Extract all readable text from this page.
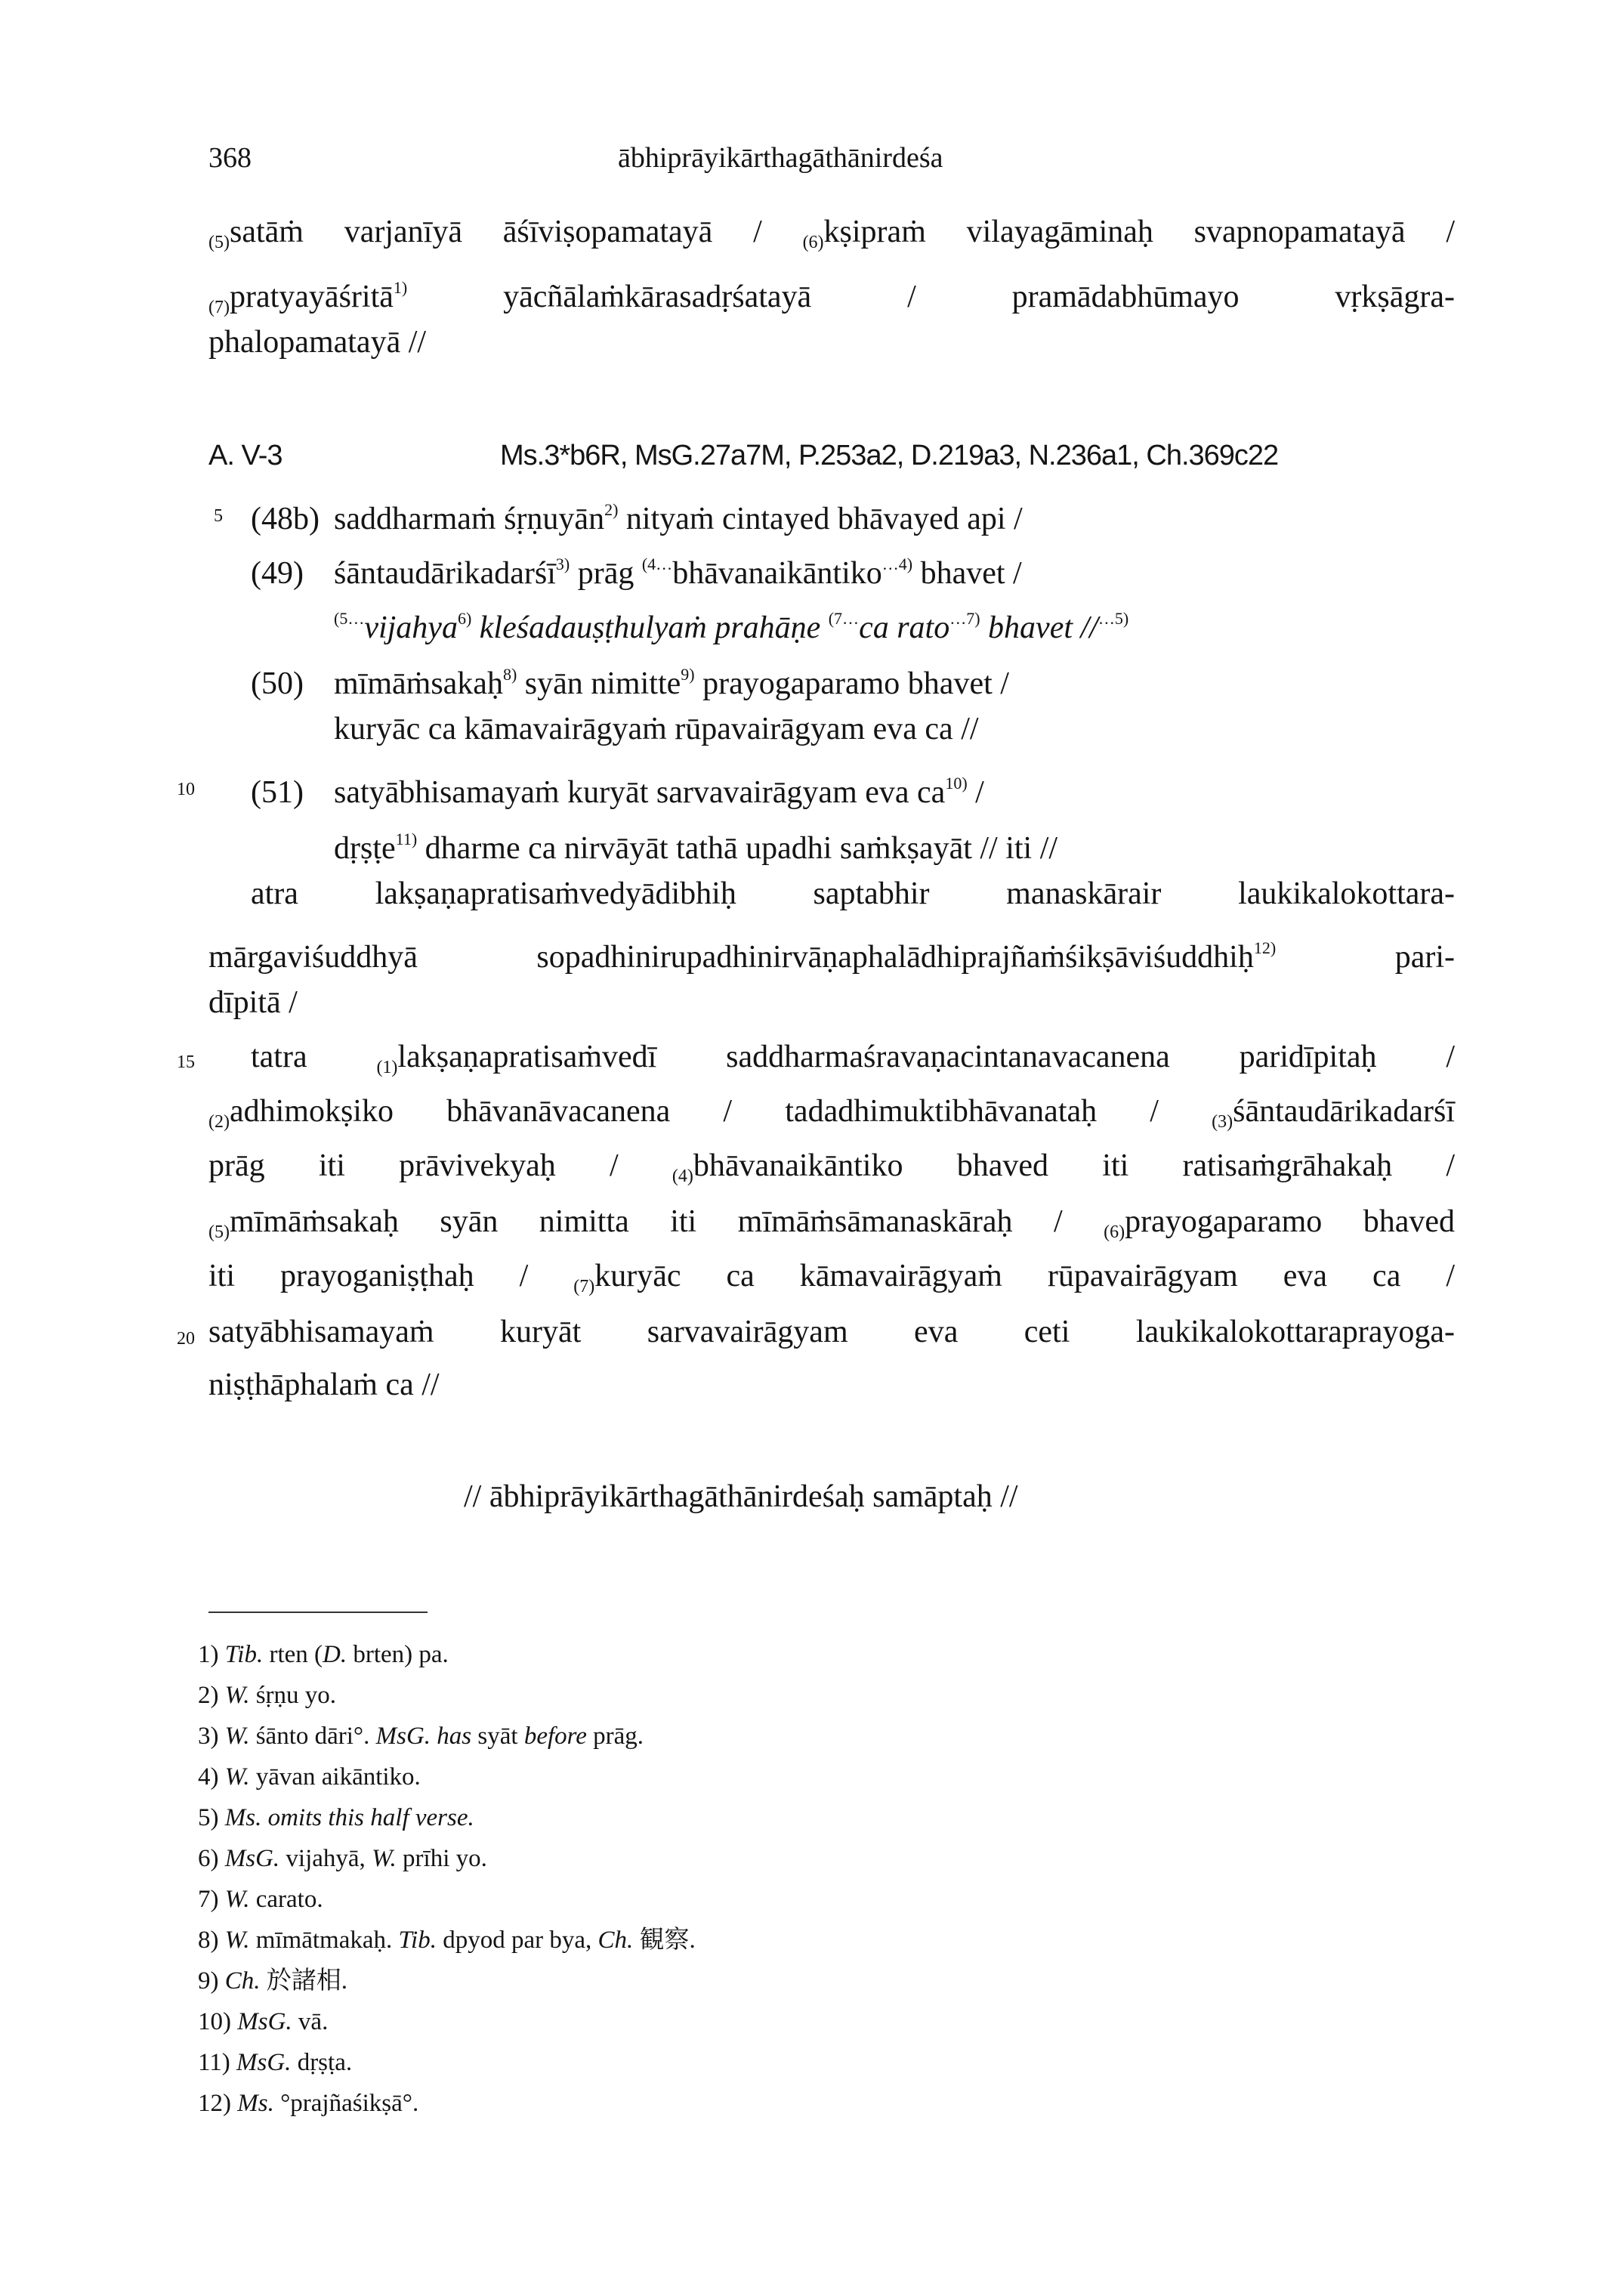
368	ābhiprāyikārthagāthānirdeśa
$_{(5)}$satāṁ varjanīyā āśīviṣopamatayā / $_{(6)}$kṣipraṁ vilayagāminaḥ svapnopamatayā /
$_{(7)}$pratyayāśritā$^{1)}$ yācñālaṁkārasadṛśatayā / pramādabhūmayo vṛkṣāgra-
phalopamatayā //
A. V-3	Ms.3*b6R, MsG.27a7M, P.253a2, D.219a3, N.236a1, Ch.369c22
5
10
15
20
(48b) saddharmaṁ śṛṇuyān$^{2)}$ nityaṁ cintayed bhāvayed api /
(49) śāntaudārikadarśī$^{3)}$ prāg $^{(4\dots}$bhāvanaikāntiko$^{\dots 4)}$ bhavet /
$^{(5\dots}$vijahya$^{6)}$ kleśadauṣṭhulyaṁ prahāṇe $^{(7\dots}$ca rato$^{\dots 7)}$ bhavet //$^{\dots 5)}$
(50) mīmāṁsakaḥ$^{8)}$ syān nimitte$^{9)}$ prayogaparamo bhavet /
kuryāc ca kāmavairāgyaṁ rūpavairāgyam eva ca //
(51) satyābhisamayaṁ kuryāt sarvavairāgyam eva $ca^{10)}$ /
dṛṣṭe$^{11)}$ dharme ca nirvāyāt tathā upadhi saṁkṣayāt // iti //
atra lakṣaṇapratisaṁvedyādibhiḥ saptabhir manaskārair laukikalokottara-
mārgaviśuddhyā sopadhinirupadhinirvāṇaphalādhiprajñaṁśikṣāviśuddhiḥ$^{12)}$ pari-
dīpitā /
tatra $_{(1)}$lakṣaṇapratisaṁvedī saddharmaśravaṇacintanavacanena paridīpitaḥ /
$_{(2)}$adhimokṣiko bhāvanāvacanena / tadadhimuktibhāvanataḥ / $_{(3)}$śāntaudārikadarśī
prāg iti prāvivekyaḥ / $_{(4)}$bhāvanaikāntiko bhaved iti ratisaṁgrāhakaḥ /
$_{(5)}$mīmāṁsakaḥ syān nimitta iti mīmāṁsāmanaskāraḥ / $_{(6)}$prayogaparamo bhaved
iti prayoganiṣṭhaḥ / $_{(7)}$kuryāc ca kāmavairāgyaṁ rūpavairāgyam eva ca /
satyābhisamayaṁ kuryāt sarvavairāgyam eva ceti laukikalokottaraprayoga-
niṣṭhāphalaṁ ca //
// ābhiprāyikārthagāthānirdeśaḥ samāptaḥ //
1) Tib. rten (D. brten) pa.
2) W. śṛṇu yo.
3) W. śānto dāri°. MsG. has syāt before prāg.
4) W. yāvan aikāntiko.
5) Ms. omits this half verse.
6) MsG. vijahyā, W. prīhi yo.
7) W. carato.
8) W. mīmātmakaḥ. Tib. dpyod par bya, Ch. 観察.
9) Ch. 於諸相.
10) MsG. vā.
11) MsG. dṛṣṭa.
12) Ms. °prajñaśikṣā°.
